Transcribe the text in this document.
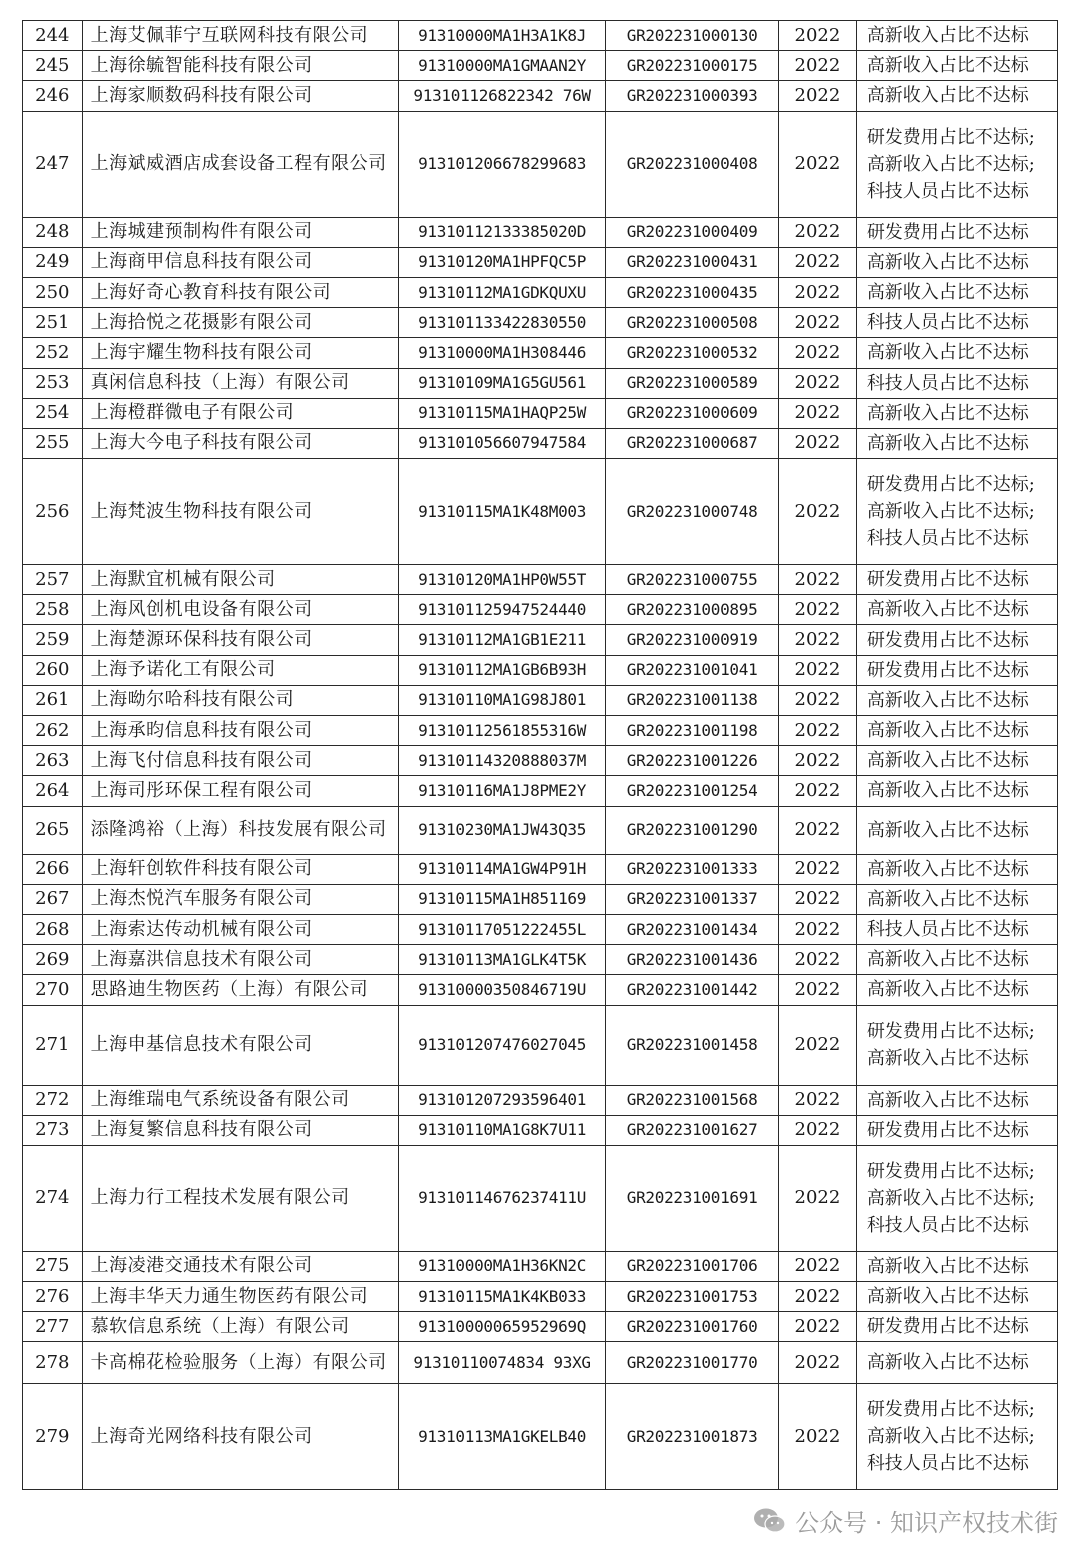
244	上海艾佩菲宁互联网科技有限公司	91310000MA1H3A1K8J	GR202231000130	2022	高新收入占比不达标

245	上海徐毓智能科技有限公司	91310000MA1GMAAN2Y	GR202231000175	2022	高新收入占比不达标

246	上海家顺数码科技有限公司	913101126822342 76W	GR202231000393	2022	高新收入占比不达标

247	上海斌威酒店成套设备工程有限公司	913101206678299683	GR202231000408	2022	研发费用占比不达标;
高新收入占比不达标;
科技人员占比不达标

248	上海城建预制构件有限公司	91310112133385020D	GR202231000409	2022	研发费用占比不达标

249	上海商甲信息科技有限公司	91310120MA1HPFQC5P	GR202231000431	2022	高新收入占比不达标

250	上海好奇心教育科技有限公司	91310112MA1GDKQUXU	GR202231000435	2022	高新收入占比不达标

251	上海拾悦之花摄影有限公司	913101133422830550	GR202231000508	2022	科技人员占比不达标

252	上海宇耀生物科技有限公司	91310000MA1H308446	GR202231000532	2022	高新收入占比不达标

253	真闲信息科技（上海）有限公司	91310109MA1G5GU561	GR202231000589	2022	科技人员占比不达标

254	上海橙群微电子有限公司	91310115MA1HAQP25W	GR202231000609	2022	高新收入占比不达标

255	上海大今电子科技有限公司	913101056607947584	GR202231000687	2022	高新收入占比不达标

256	上海梵波生物科技有限公司	91310115MA1K48M003	GR202231000748	2022	研发费用占比不达标;
高新收入占比不达标;
科技人员占比不达标

257	上海默宜机械有限公司	91310120MA1HP0W55T	GR202231000755	2022	研发费用占比不达标

258	上海风创机电设备有限公司	913101125947524440	GR202231000895	2022	高新收入占比不达标

259	上海楚源环保科技有限公司	91310112MA1GB1E211	GR202231000919	2022	研发费用占比不达标

260	上海予诺化工有限公司	91310112MA1GB6B93H	GR202231001041	2022	研发费用占比不达标

261	上海呦尔哈科技有限公司	91310110MA1G98J801	GR202231001138	2022	高新收入占比不达标

262	上海承昀信息科技有限公司	91310112561855316W	GR202231001198	2022	高新收入占比不达标

263	上海飞付信息科技有限公司	91310114320888037M	GR202231001226	2022	高新收入占比不达标

264	上海司彤环保工程有限公司	91310116MA1J8PME2Y	GR202231001254	2022	高新收入占比不达标

265	添隆鸿裕（上海）科技发展有限公司	91310230MA1JW43Q35	GR202231001290	2022	高新收入占比不达标

266	上海轩创软件科技有限公司	91310114MA1GW4P91H	GR202231001333	2022	高新收入占比不达标

267	上海杰悦汽车服务有限公司	91310115MA1H851169	GR202231001337	2022	高新收入占比不达标

268	上海索达传动机械有限公司	91310117051222455L	GR202231001434	2022	科技人员占比不达标

269	上海嘉洪信息技术有限公司	91310113MA1GLK4T5K	GR202231001436	2022	高新收入占比不达标

270	思路迪生物医药（上海）有限公司	91310000350846719U	GR202231001442	2022	高新收入占比不达标

271	上海申基信息技术有限公司	913101207476027045	GR202231001458	2022	研发费用占比不达标;
高新收入占比不达标

272	上海维瑞电气系统设备有限公司	913101207293596401	GR202231001568	2022	高新收入占比不达标

273	上海复繁信息科技有限公司	91310110MA1G8K7U11	GR202231001627	2022	研发费用占比不达标

274	上海力行工程技术发展有限公司	91310114676237411U	GR202231001691	2022	研发费用占比不达标;
高新收入占比不达标;
科技人员占比不达标

275	上海凌港交通技术有限公司	91310000MA1H36KN2C	GR202231001706	2022	高新收入占比不达标

276	上海丰华天力通生物医药有限公司	91310115MA1K4KB033	GR202231001753	2022	高新收入占比不达标

277	慕软信息系统（上海）有限公司	91310000065952969Q	GR202231001760	2022	研发费用占比不达标

278	卡高棉花检验服务（上海）有限公司	91310110074834 93XG	GR202231001770	2022	高新收入占比不达标

279	上海奇光网络科技有限公司	91310113MA1GKELB40	GR202231001873	2022	研发费用占比不达标;
高新收入占比不达标;
科技人员占比不达标
公众号 · 知识产权技术街
